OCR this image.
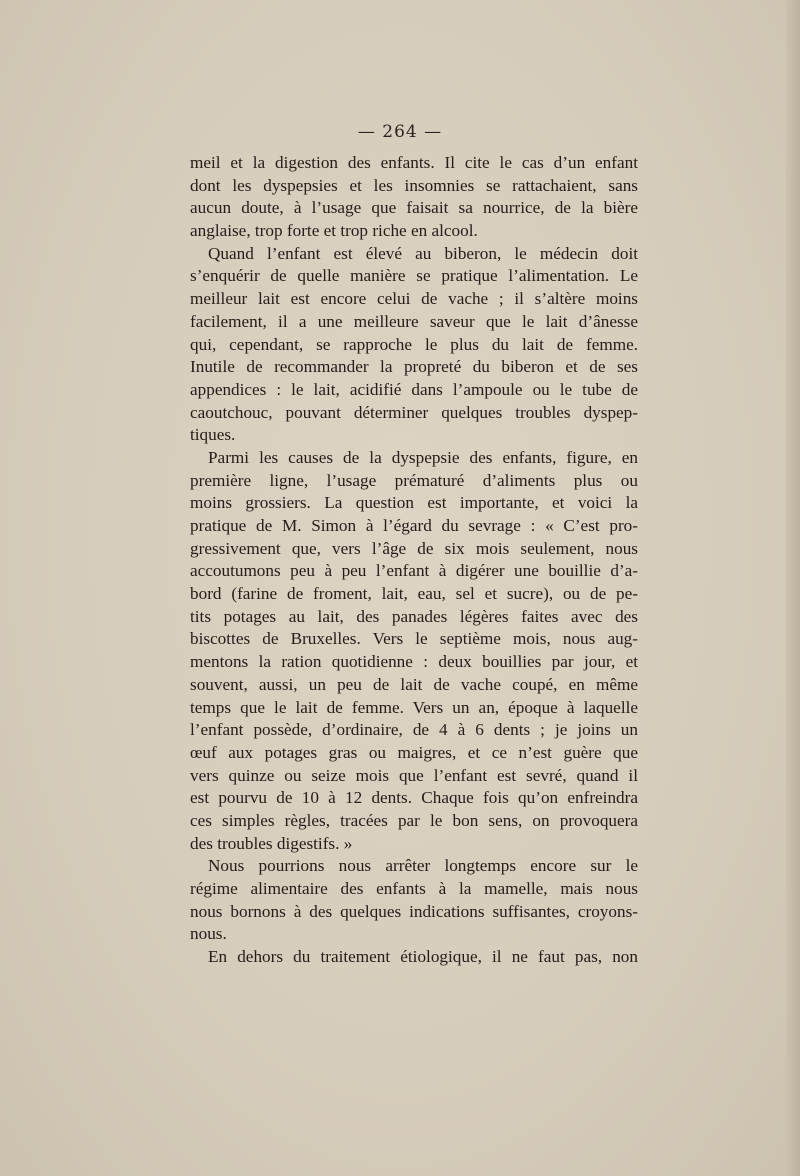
— 264 —
meil et la digestion des enfants. Il cite le cas d’un enfant
dont les dyspepsies et les insomnies se rattachaient, sans
aucun doute, à l’usage que faisait sa nourrice, de la bière
anglaise, trop forte et trop riche en alcool.
Quand l’enfant est élevé au biberon, le médecin doit
s’enquérir de quelle manière se pratique l’alimentation. Le
meilleur lait est encore celui de vache ; il s’altère moins
facilement, il a une meilleure saveur que le lait d’ânesse
qui, cependant, se rapproche le plus du lait de femme.
Inutile de recommander la propreté du biberon et de ses
appendices : le lait, acidifié dans l’ampoule ou le tube de
caoutchouc, pouvant déterminer quelques troubles dyspep-
tiques.
Parmi les causes de la dyspepsie des enfants, figure, en
première ligne, l’usage prématuré d’aliments plus ou
moins grossiers. La question est importante, et voici la
pratique de M. Simon à l’égard du sevrage : « C’est pro-
gressivement que, vers l’âge de six mois seulement, nous
accoutumons peu à peu l’enfant à digérer une bouillie d’a-
bord (farine de froment, lait, eau, sel et sucre), ou de pe-
tits potages au lait, des panades légères faites avec des
biscottes de Bruxelles. Vers le septième mois, nous aug-
mentons la ration quotidienne : deux bouillies par jour, et
souvent, aussi, un peu de lait de vache coupé, en même
temps que le lait de femme. Vers un an, époque à laquelle
l’enfant possède, d’ordinaire, de 4 à 6 dents ; je joins un
œuf aux potages gras ou maigres, et ce n’est guère que
vers quinze ou seize mois que l’enfant est sevré, quand il
est pourvu de 10 à 12 dents. Chaque fois qu’on enfreindra
ces simples règles, tracées par le bon sens, on provoquera
des troubles digestifs. »
Nous pourrions nous arrêter longtemps encore sur le
régime alimentaire des enfants à la mamelle, mais nous
nous bornons à des quelques indications suffisantes, croyons-
nous.
En dehors du traitement étiologique, il ne faut pas, non
